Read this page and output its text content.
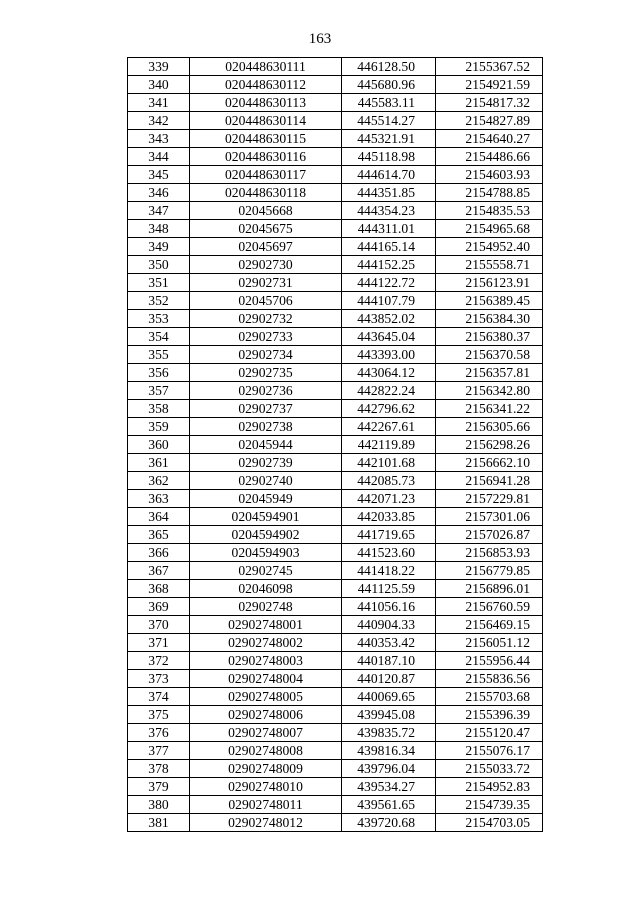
163
339	020448630111	446128.50	2155367.52
340	020448630112	445680.96	2154921.59
341	020448630113	445583.11	2154817.32
342	020448630114	445514.27	2154827.89
343	020448630115	445321.91	2154640.27
344	020448630116	445118.98	2154486.66
345	020448630117	444614.70	2154603.93
346	020448630118	444351.85	2154788.85
347	02045668	444354.23	2154835.53
348	02045675	444311.01	2154965.68
349	02045697	444165.14	2154952.40
350	02902730	444152.25	2155558.71
351	02902731	444122.72	2156123.91
352	02045706	444107.79	2156389.45
353	02902732	443852.02	2156384.30
354	02902733	443645.04	2156380.37
355	02902734	443393.00	2156370.58
356	02902735	443064.12	2156357.81
357	02902736	442822.24	2156342.80
358	02902737	442796.62	2156341.22
359	02902738	442267.61	2156305.66
360	02045944	442119.89	2156298.26
361	02902739	442101.68	2156662.10
362	02902740	442085.73	2156941.28
363	02045949	442071.23	2157229.81
364	0204594901	442033.85	2157301.06
365	0204594902	441719.65	2157026.87
366	0204594903	441523.60	2156853.93
367	02902745	441418.22	2156779.85
368	02046098	441125.59	2156896.01
369	02902748	441056.16	2156760.59
370	02902748001	440904.33	2156469.15
371	02902748002	440353.42	2156051.12
372	02902748003	440187.10	2155956.44
373	02902748004	440120.87	2155836.56
374	02902748005	440069.65	2155703.68
375	02902748006	439945.08	2155396.39
376	02902748007	439835.72	2155120.47
377	02902748008	439816.34	2155076.17
378	02902748009	439796.04	2155033.72
379	02902748010	439534.27	2154952.83
380	02902748011	439561.65	2154739.35
381	02902748012	439720.68	2154703.05
